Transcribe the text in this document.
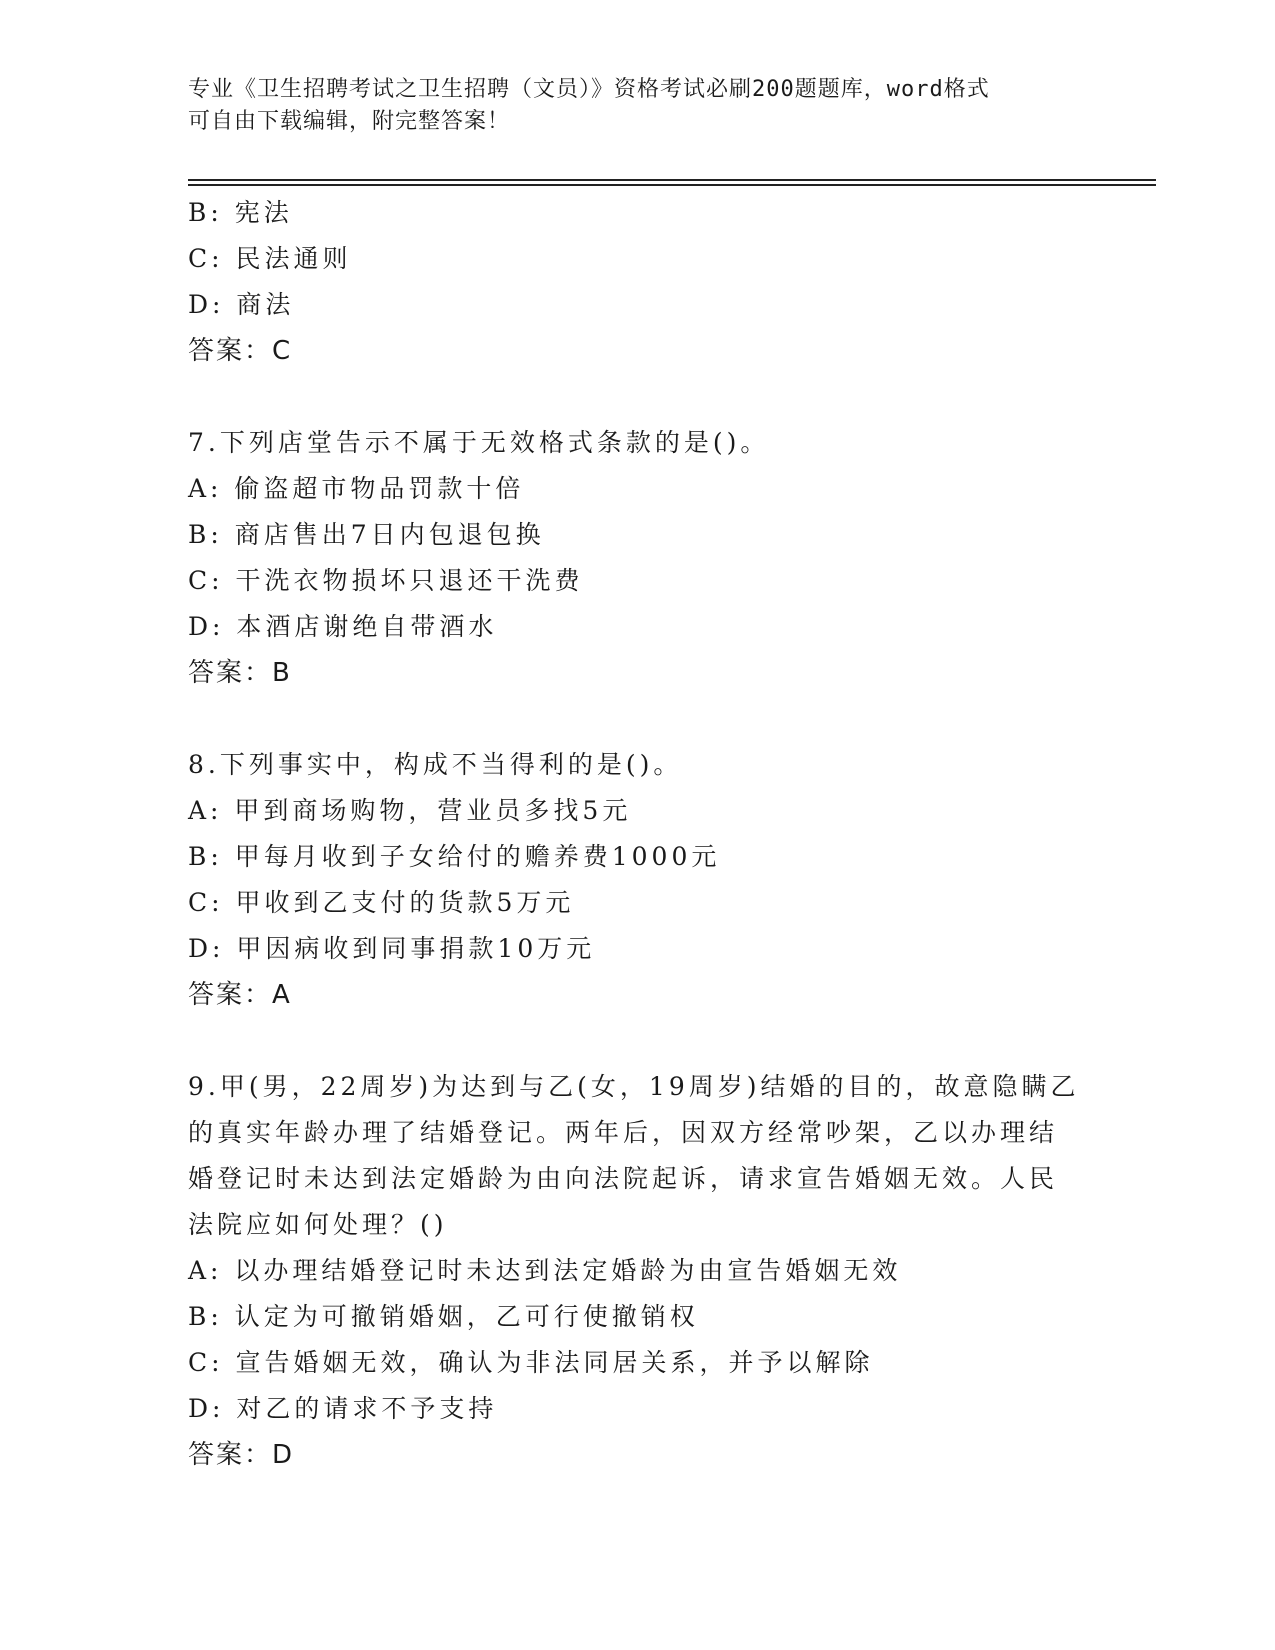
专业《卫生招聘考试之卫生招聘（文员）》资格考试必刷200题题库，word格式
可自由下载编辑，附完整答案！
B: 宪法
C: 民法通则
D: 商法
答案：C
7.下列店堂告示不属于无效格式条款的是()。
A: 偷盗超市物品罚款十倍
B: 商店售出7日内包退包换
C: 干洗衣物损坏只退还干洗费
D: 本酒店谢绝自带酒水
答案：B
8.下列事实中，构成不当得利的是()。
A: 甲到商场购物，营业员多找5元
B: 甲每月收到子女给付的赡养费1000元
C: 甲收到乙支付的货款5万元
D: 甲因病收到同事捐款10万元
答案：A
9.甲(男，22周岁)为达到与乙(女，19周岁)结婚的目的，故意隐瞒乙
的真实年龄办理了结婚登记。两年后，因双方经常吵架，乙以办理结
婚登记时未达到法定婚龄为由向法院起诉，请求宣告婚姻无效。人民
法院应如何处理？()
A: 以办理结婚登记时未达到法定婚龄为由宣告婚姻无效
B: 认定为可撤销婚姻，乙可行使撤销权
C: 宣告婚姻无效，确认为非法同居关系，并予以解除
D: 对乙的请求不予支持
答案：D
